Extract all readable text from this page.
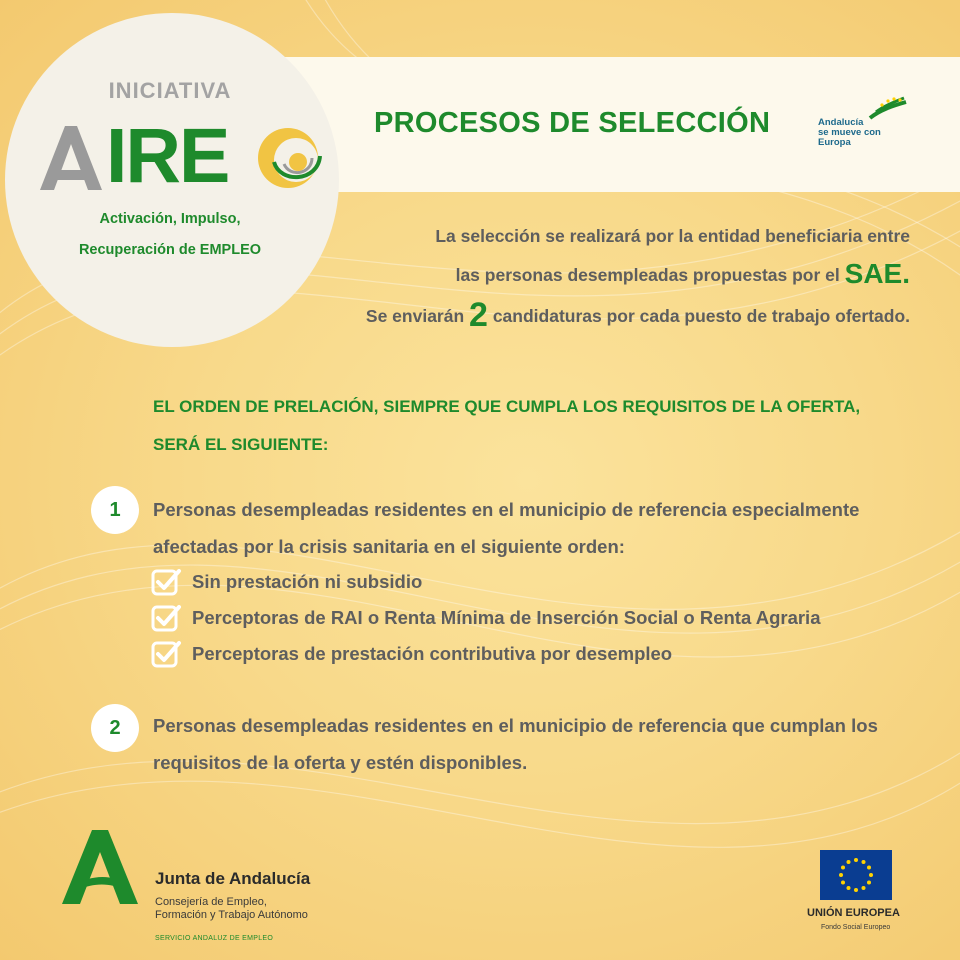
PROCESOS DE SELECCIÓN	Andalucía
se mueve con Europa
INICIATIVA
IRE
Activación, Impulso,
Recuperación de EMPLEO
La selección se realizará por la entidad beneficiaria entre
las personas desempleadas propuestas por el SAE.
Se enviarán 2 candidaturas por cada puesto de trabajo ofertado.
EL ORDEN DE PRELACIÓN, SIEMPRE QUE CUMPLA LOS REQUISITOS DE LA OFERTA,
SERÁ EL SIGUIENTE:
1	Personas desempleadas residentes en el municipio de referencia especialmente
afectadas por la crisis sanitaria en el siguiente orden:
Sin prestación ni subsidio
Perceptoras de RAI o Renta Mínima de Inserción Social o Renta Agraria
Perceptoras de prestación contributiva por desempleo
2	Personas desempleadas residentes en el municipio de referencia que cumplan los
requisitos de la oferta y estén disponibles.
Junta de Andalucía
Consejería de Empleo,
Formación y Trabajo Autónomo
SERVICIO ANDALUZ DE EMPLEO
UNIÓN EUROPEA
Fondo Social Europeo
